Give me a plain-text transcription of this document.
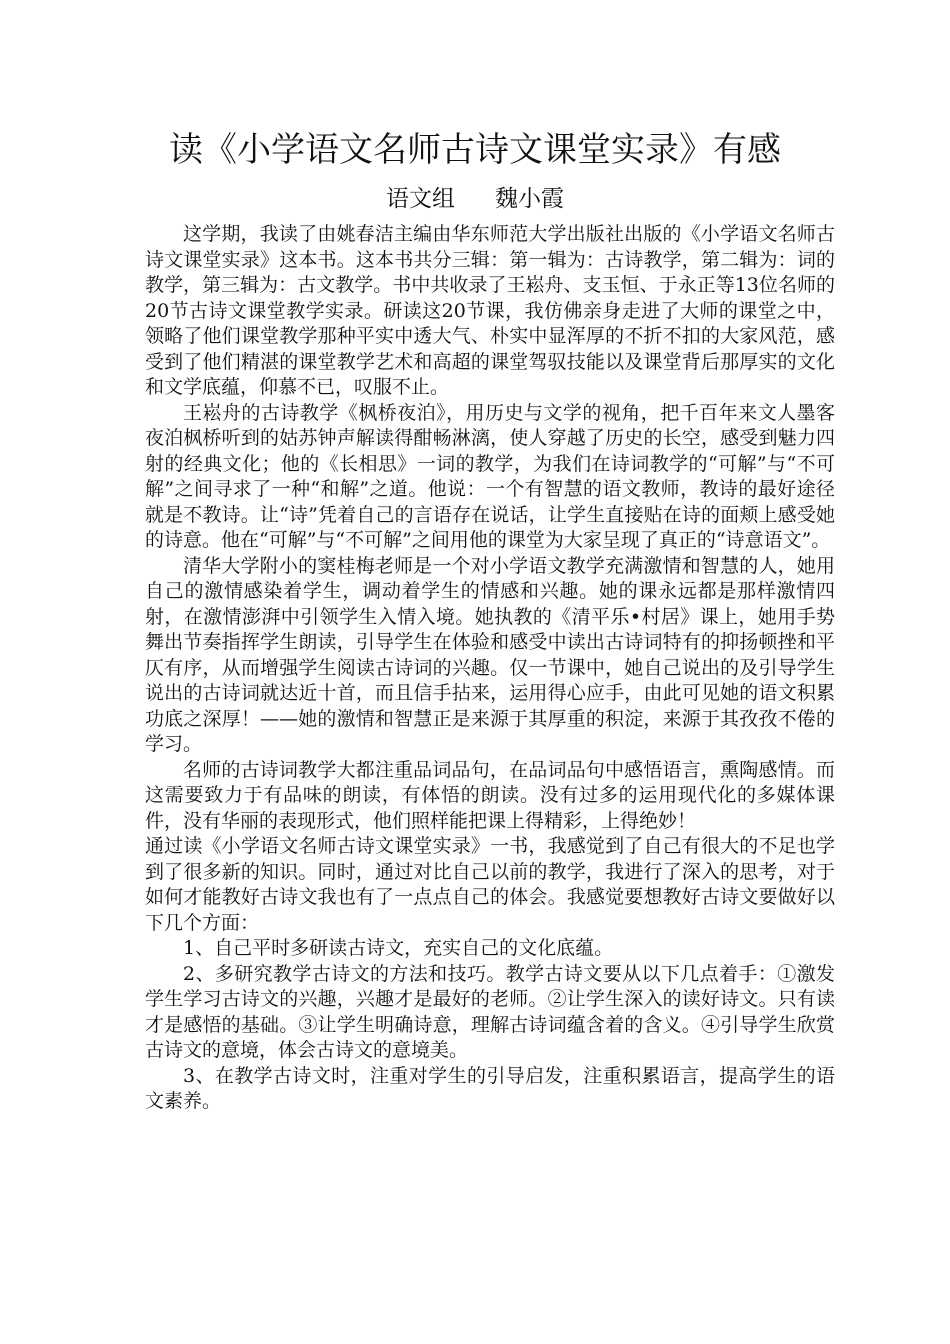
读《小学语文名师古诗文课堂实录》有感
语文组 魏小霞

这学期，我读了由姚春洁主编由华东师范大学出版社出版的《小学语文名师古诗文课堂实录》这本书。这本书共分三辑：第一辑为：古诗教学，第二辑为：词的教学，第三辑为：古文教学。书中共收录了王崧舟、支玉恒、于永正等13位名师的20节古诗文课堂教学实录。研读这20节课，我仿佛亲身走进了大师的课堂之中，领略了他们课堂教学那种平实中透大气、朴实中显浑厚的不折不扣的大家风范，感受到了他们精湛的课堂教学艺术和高超的课堂驾驭技能以及课堂背后那厚实的文化和文学底蕴，仰慕不已，叹服不止。

王崧舟的古诗教学《枫桥夜泊》，用历史与文学的视角，把千百年来文人墨客夜泊枫桥听到的姑苏钟声解读得酣畅淋漓，使人穿越了历史的长空，感受到魅力四射的经典文化；他的《长相思》一词的教学，为我们在诗词教学的“可解”与“不可解”之间寻求了一种“和解”之道。他说：一个有智慧的语文教师，教诗的最好途径就是不教诗。让“诗”凭着自己的言语存在说话，让学生直接贴在诗的面颊上感受她的诗意。他在“可解”与“不可解”之间用他的课堂为大家呈现了真正的“诗意语文”。

清华大学附小的窦桂梅老师是一个对小学语文教学充满激情和智慧的人，她用自己的激情感染着学生，调动着学生的情感和兴趣。她的课永远都是那样激情四射，在激情澎湃中引领学生入情入境。她执教的《清平乐•村居》课上，她用手势舞出节奏指挥学生朗读，引导学生在体验和感受中读出古诗词特有的抑扬顿挫和平仄有序，从而增强学生阅读古诗词的兴趣。仅一节课中，她自己说出的及引导学生说出的古诗词就达近十首，而且信手拈来，运用得心应手，由此可见她的语文积累功底之深厚！——她的激情和智慧正是来源于其厚重的积淀，来源于其孜孜不倦的学习。

名师的古诗词教学大都注重品词品句，在品词品句中感悟语言，熏陶感情。而这需要致力于有品味的朗读，有体悟的朗读。没有过多的运用现代化的多媒体课件，没有华丽的表现形式，他们照样能把课上得精彩，上得绝妙！

通过读《小学语文名师古诗文课堂实录》一书，我感觉到了自己有很大的不足也学到了很多新的知识。同时，通过对比自己以前的教学，我进行了深入的思考，对于如何才能教好古诗文我也有了一点点自己的体会。我感觉要想教好古诗文要做好以下几个方面：

1、自己平时多研读古诗文，充实自己的文化底蕴。

2、多研究教学古诗文的方法和技巧。教学古诗文要从以下几点着手：①激发学生学习古诗文的兴趣，兴趣才是最好的老师。②让学生深入的读好诗文。只有读才是感悟的基础。③让学生明确诗意，理解古诗词蕴含着的含义。④引导学生欣赏古诗文的意境，体会古诗文的意境美。

3、在教学古诗文时，注重对学生的引导启发，注重积累语言，提高学生的语文素养。
